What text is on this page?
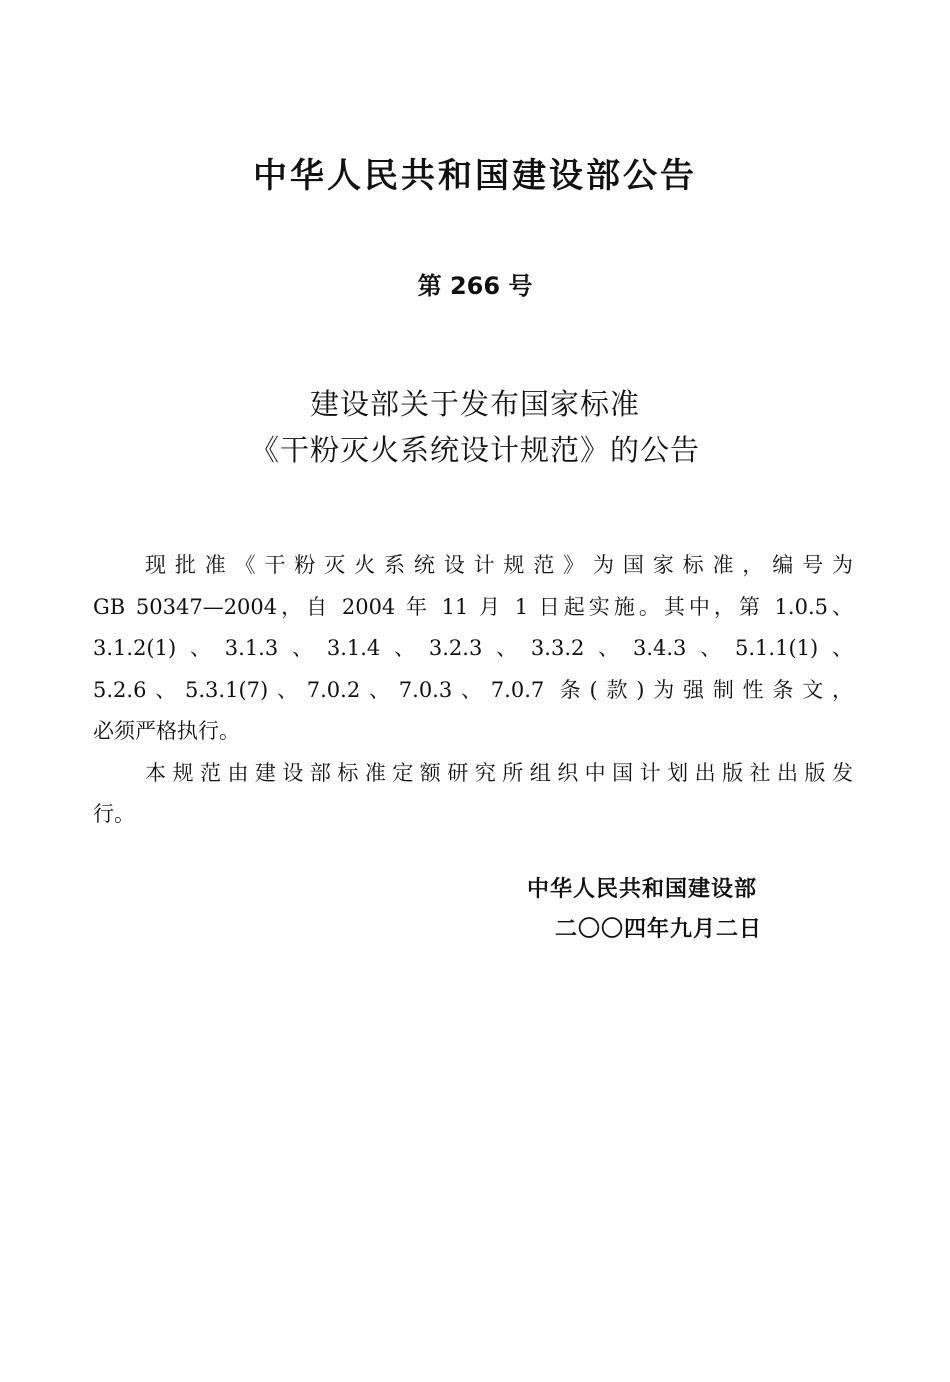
中华人民共和国建设部公告
第 266 号
建设部关于发布国家标准
《干粉灭火系统设计规范》的公告
现批准《干粉灭火系统设计规范》为国家标准，编号为
GB 50347—2004，自 2004 年 11 月 1 日起实施。其中，第 1.0.5、
3.1.2(1)、3.1.3、3.1.4、3.2.3、3.3.2、3.4.3、5.1.1(1)、
5.2.6、5.3.1(7)、7.0.2、7.0.3、7.0.7 条(款)为强制性条文，
必须严格执行。
本规范由建设部标准定额研究所组织中国计划出版社出版发
行。
中华人民共和国建设部
二〇〇四年九月二日
